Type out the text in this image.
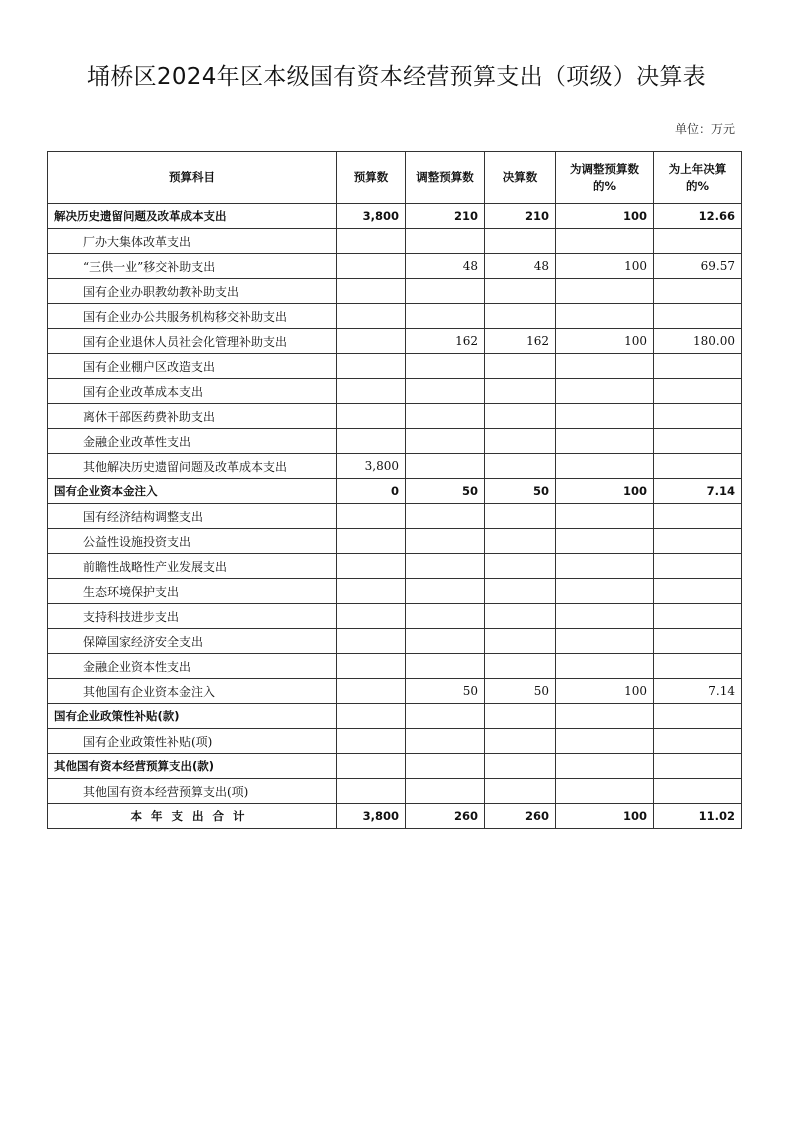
埇桥区2024年区本级国有资本经营预算支出（项级）决算表
单位：万元
预算科目	预算数	调整预算数	决算数	为调整预算数的%	为上年决算的%
解决历史遗留问题及改革成本支出	3,800	210	210	100	12.66
厂办大集体改革支出					
“三供一业”移交补助支出		48	48	100	69.57
国有企业办职教幼教补助支出					
国有企业办公共服务机构移交补助支出					
国有企业退休人员社会化管理补助支出		162	162	100	180.00
国有企业棚户区改造支出					
国有企业改革成本支出					
离休干部医药费补助支出					
金融企业改革性支出					
其他解决历史遗留问题及改革成本支出	3,800				
国有企业资本金注入	0	50	50	100	7.14
国有经济结构调整支出					
公益性设施投资支出					
前瞻性战略性产业发展支出					
生态环境保护支出					
支持科技进步支出					
保障国家经济安全支出					
金融企业资本性支出					
其他国有企业资本金注入		50	50	100	7.14
国有企业政策性补贴(款)					
国有企业政策性补贴(项)					
其他国有资本经营预算支出(款)					
其他国有资本经营预算支出(项)					
本年支出合计	3,800	260	260	100	11.02
